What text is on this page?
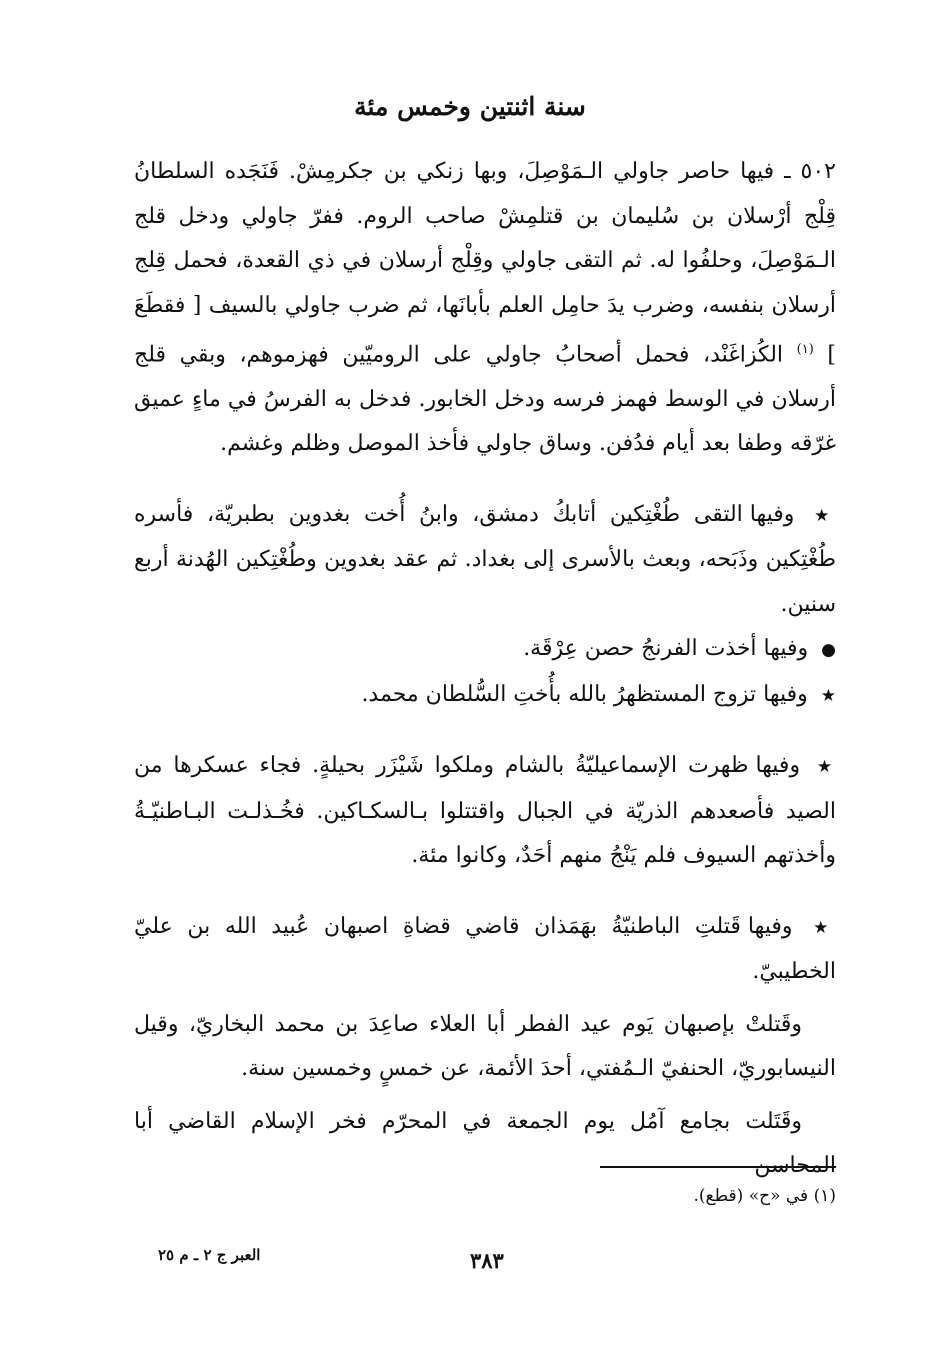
سنة اثنتين وخمس مئة

٥٠٢ ـ فيها حاصر جاولي الـمَوْصِلَ، وبها زنكي بن جكرمِشْ. فَنَجَده السلطانُ قِلْج أرْسلان بن سُليمان بن قتلمِشْ صاحب الروم. ففرّ جاولي ودخل قلج الـمَوْصِلَ، وحلفُوا له. ثم التقى جاولي وقِلْج أرسلان في ذي القعدة، فحمل قِلج أرسلان بنفسه، وضرب يدَ حامِل العلم بأبانَها، ثم ضرب جاولي بالسيف [ فقطَعَ ] $^{(١)}$ الكُزاغَنْد، فحمل أصحابُ جاولي على الروميّين فهزموهم، وبقي قلج أرسلان في الوسط فهمز فرسه ودخل الخابور. فدخل به الفرسُ في ماءٍ عميق غرّقه وطفا بعد أيام فدُفن. وساق جاولي فأخذ الموصل وظلم وغشم.

★ وفيها التقى طُغْتِكين أتابكُ دمشق، وابنُ أُخت بغدوين بطبريّة، فأسره طُغْتِكين وذَبَحه، وبعث بالأسرى إلى بغداد. ثم عقد بغدوين وطُغْتِكين الهُدنة أربع سنين.

● وفيها أخذت الفرنجُ حصن عِرْقَة.

★ وفيها تزوج المستظهرُ بالله بأُختِ السُّلطان محمد.

★ وفيها ظهرت الإسماعيليّةُ بالشام وملكوا شَيْزَر بحيلةٍ. فجاء عسكرها من الصيد فأصعدهم الذريّة في الجبال واقتتلوا بـالسكـاكين. فخُـذلـت البـاطنيّـةُ وأخذتهم السيوف فلم يَنْجُ منهم أحَدٌ، وكانوا مئة.

★ وفيها قَتلتِ الباطنيّةُ بهَمَذان قاضي قضاةِ اصبهان عُبيد الله بن عليّ الخطيبيّ.

وقَتلتْ بإصبهان يَوم عيد الفطر أبا العلاء صاعِدَ بن محمد البخاريّ، وقيل النيسابوريّ، الحنفيّ الـمُفتي، أحدَ الأئمة، عن خمسٍ وخمسين سنة.

وقَتَلت بجامع آمُل يوم الجمعة في المحرّم فخر الإسلام القاضي أبا المحاسن

(١) في «ح» (قطع).
العبر ج ٢ ـ م ٢٥	٣٨٣
